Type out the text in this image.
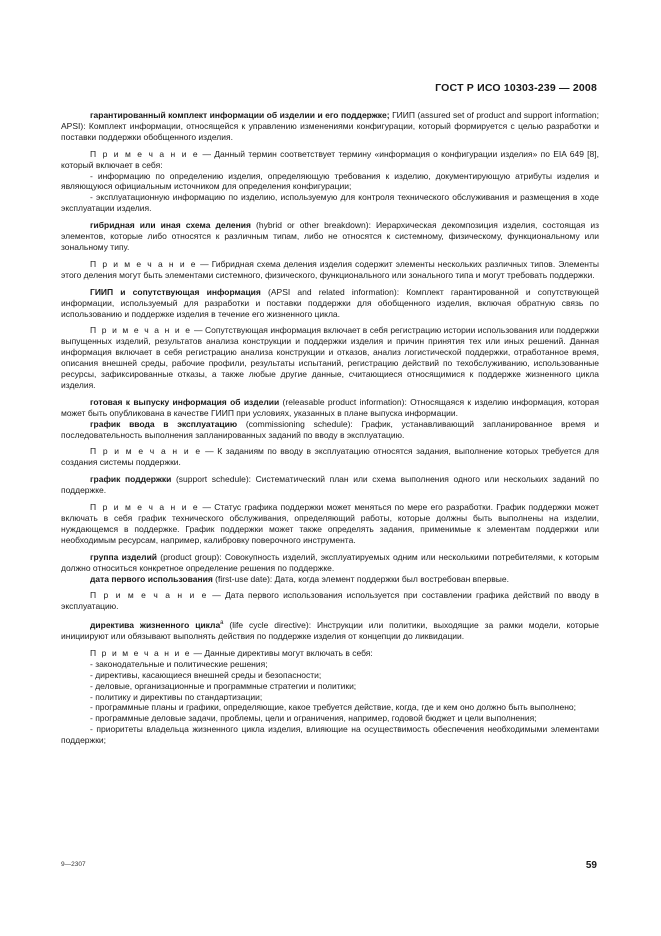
ГОСТ Р ИСО 10303-239 — 2008

гарантированный комплект информации об изделии и его поддержке; ГИИП (assured set of product and support information; APSI): Комплект информации, относящейся к управлению изменениями конфигурации, который формируется с целью разработки и поставки поддержки обобщенного изделия.

П р и м е ч а н и е — Данный термин соответствует термину «информация о конфигурации изделия» по EIA 649 [8], который включает в себя:

- информацию по определению изделия, определяющую требования к изделию, документирующую атрибуты изделия и являющуюся официальным источником для определения конфигурации;

- эксплуатационную информацию по изделию, используемую для контроля технического обслуживания и размещения в ходе эксплуатации изделия.

гибридная или иная схема деления (hybrid or other breakdown): Иерархическая декомпозиция изделия, состоящая из элементов, которые либо относятся к различным типам, либо не относятся к системному, физическому, функциональному или зональному типу.

П р и м е ч а н и е — Гибридная схема деления изделия содержит элементы нескольких различных типов. Элементы этого деления могут быть элементами системного, физического, функционального или зонального типа и могут требовать поддержки.

ГИИП и сопутствующая информация (APSI and related information): Комплект гарантированной и сопутствующей информации, используемый для разработки и поставки поддержки для обобщенного изделия, включая обратную связь по использованию и поддержке изделия в течение его жизненного цикла.

П р и м е ч а н и е — Сопутствующая информация включает в себя регистрацию истории использования или поддержки выпущенных изделий, результатов анализа конструкции и поддержки изделия и причин принятия тех или иных решений. Данная информация включает в себя регистрацию анализа конструкции и отказов, анализ логистической поддержки, отработанное время, описания внешней среды, рабочие профили, результаты испытаний, регистрацию действий по техобслуживанию, использованные ресурсы, зафиксированные отказы, а также любые другие данные, считающиеся относящимися к поддержке жизненного цикла изделия.

готовая к выпуску информация об изделии (releasable product information): Относящаяся к изделию информация, которая может быть опубликована в качестве ГИИП при условиях, указанных в плане выпуска информации.

график ввода в эксплуатацию (commissioning schedule): График, устанавливающий запланированное время и последовательность выполнения запланированных заданий по вводу в эксплуатацию.

П р и м е ч а н и е — К заданиям по вводу в эксплуатацию относятся задания, выполнение которых требуется для создания системы поддержки.

график поддержки (support schedule): Систематический план или схема выполнения одного или нескольких заданий по поддержке.

П р и м е ч а н и е — Статус графика поддержки может меняться по мере его разработки. График поддержки может включать в себя график технического обслуживания, определяющий работы, которые должны быть выполнены на изделии, нуждающемся в поддержке. График поддержки может также определять задания, применимые к элементам поддержки или необходимым ресурсам, например, калибровку поверочного инструмента.

группа изделий (product group): Совокупность изделий, эксплуатируемых одним или несколькими потребителями, к которым должно относиться конкретное определение решения по поддержке.

дата первого использования (first-use date): Дата, когда элемент поддержки был востребован впервые.

П р и м е ч а н и е — Дата первого использования используется при составлении графика действий по вводу в эксплуатацию.

директива жизненного цикла$^a$ (life cycle directive): Инструкции или политики, выходящие за рамки модели, которые инициируют или обязывают выполнять действия по поддержке изделия от концепции до ликвидации.

П р и м е ч а н и е — Данные директивы могут включать в себя:

- законодательные и политические решения;

- директивы, касающиеся внешней среды и безопасности;

- деловые, организационные и программные стратегии и политики;

- политику и директивы по стандартизации;

- программные планы и графики, определяющие, какое требуется действие, когда, где и кем оно должно быть выполнено;

- программные деловые задачи, проблемы, цели и ограничения, например, годовой бюджет и цели выполнения;

- приоритеты владельца жизненного цикла изделия, влияющие на осуществимость обеспечения необходимыми элементами поддержки;

9—2307	59
